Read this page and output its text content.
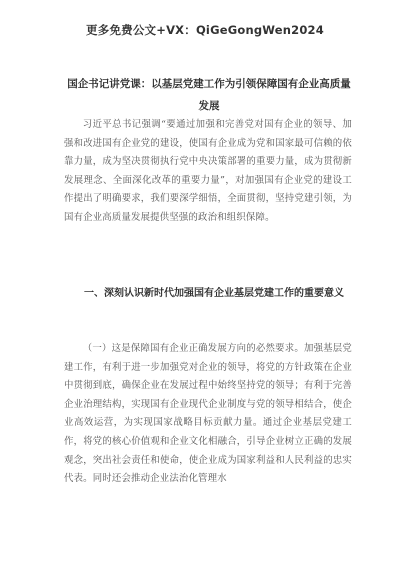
更多免费公文+VX：QiGeGongWen2024
国企书记讲党课：以基层党建工作为引领保障国有企业高质量发展
习近平总书记强调“要通过加强和完善党对国有企业的领导、加强和改进国有企业党的建设，使国有企业成为党和国家最可信赖的依靠力量，成为坚决贯彻执行党中央决策部署的重要力量，成为贯彻新发展理念、全面深化改革的重要力量”，对加强国有企业党的建设工作提出了明确要求，我们要深学细悟，全面贯彻，坚持党建引领，为国有企业高质量发展提供坚强的政治和组织保障。
一、深刻认识新时代加强国有企业基层党建工作的重要意义
（一）这是保障国有企业正确发展方向的必然要求。加强基层党建工作，有利于进一步加强党对企业的领导，将党的方针政策在企业中贯彻到底，确保企业在发展过程中始终坚持党的领导；有利于完善企业治理结构，实现国有企业现代企业制度与党的领导相结合，使企业高效运营，为实现国家战略目标贡献力量。通过企业基层党建工作，将党的核心价值观和企业文化相融合，引导企业树立正确的发展观念，突出社会责任和使命，使企业成为国家利益和人民利益的忠实代表。同时还会推动企业法治化管理水
